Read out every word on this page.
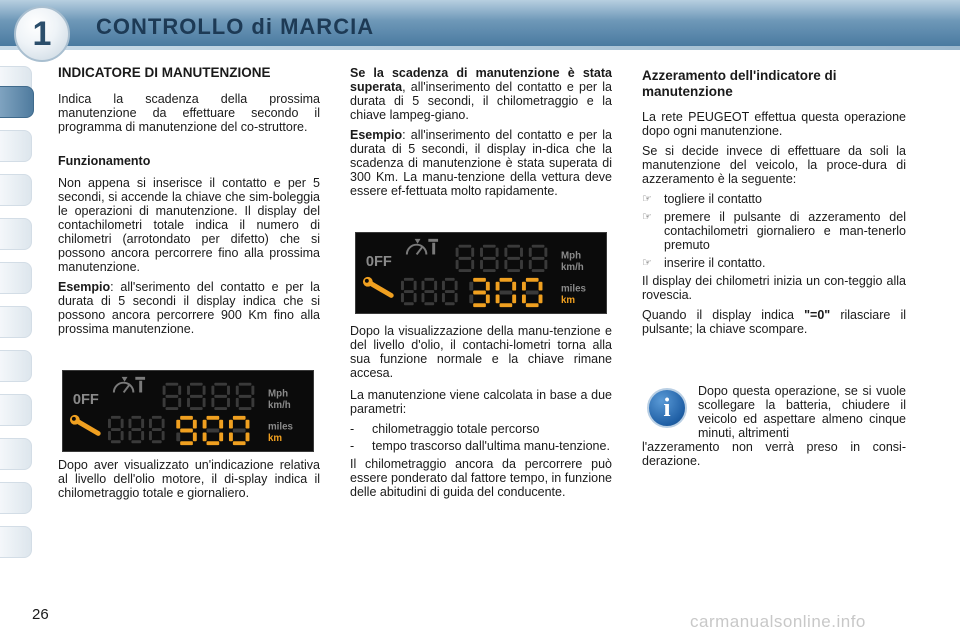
1 CONTROLLO di MARCIA
INDICATORE DI MANUTENZIONE

Indica la scadenza della prossima manutenzione da effettuare secondo il programma di manutenzione del co-struttore.

Funzionamento

Non appena si inserisce il contatto e per 5 secondi, si accende la chiave che sim-boleggia le operazioni di manutenzione. Il display del contachilometri totale indica il numero di chilometri (arrotondato per difetto) che si possono ancora percorrere fino alla prossima manutenzione.

Esempio: all'serimento del contatto e per la durata di 5 secondi il display indica che si possono ancora percorrere 900 Km fino alla prossima manutenzione.

0FF	Mph
km/h
miles
km

Dopo aver visualizzato un'indicazione relativa al livello dell'olio motore, il di-splay indica il chilometraggio totale e giornaliero.

Se la scadenza di manutenzione è stata superata, all'inserimento del contatto e per la durata di 5 secondi, il chilometraggio e la chiave lampeg-giano.

Esempio: all'inserimento del contatto e per la durata di 5 secondi, il display in-dica che la scadenza di manutenzione è stata superata di 300 Km. La manu-tenzione della vettura deve essere ef-fettuata molto rapidamente.

0FF	Mph
km/h
miles
km

Dopo la visualizzazione della manu-tenzione e del livello d'olio, il contachi-lometri torna alla sua funzione normale e la chiave rimane accesa.

La manutenzione viene calcolata in base a due parametri:

-	chilometraggio totale percorso
-	tempo trascorso dall'ultima manu-tenzione.

Il chilometraggio ancora da percorrere può essere ponderato dal fattore tempo, in funzione delle abitudini di guida del conducente.

Azzeramento dell'indicatore di manutenzione

La rete PEUGEOT effettua questa operazione dopo ogni manutenzione.

Se si decide invece di effettuare da soli la manutenzione del veicolo, la proce-dura di azzeramento è la seguente:

☞ togliere il contatto
☞ premere il pulsante di azzeramento del contachilometri giornaliero e man-tenerlo premuto
☞ inserire il contatto.

Il display dei chilometri inizia un con-teggio alla rovescia.

Quando il display indica "=0" rilasciare il pulsante; la chiave scompare.

i
Dopo questa operazione, se si vuole scollegare la batteria, chiudere il veicolo ed aspettare almeno cinque minuti, altrimenti
l'azzeramento non verrà preso in consi-derazione.
26	carmanualsonline.info
